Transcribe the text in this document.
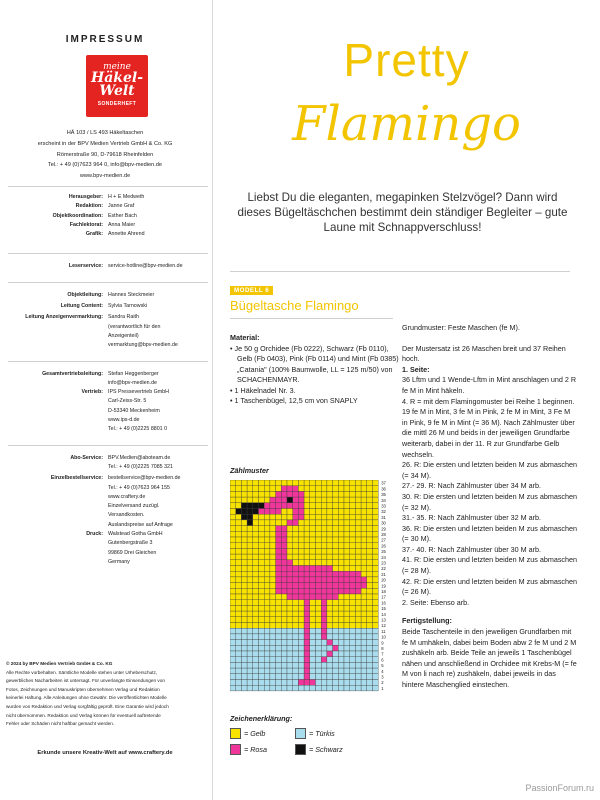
IMPRESSUM
meine
Häkel-
Welt
SONDERHEFT
HÄ 103 / LS 493 Häkeltaschen
erscheint in der BPV Medien Vertrieb GmbH & Co. KG
Römerstraße 90, D-79618 Rheinfelden
Tel.: + 49 (0)7623 964 0, info@bpv-medien.de
www.bpv-medien.de
Herausgeber: H + E Medweth
Redaktion: Janne Graf
Objektkoordination: Esther Bach
Fachlektorat: Anna Maier
Grafik: Annette Ahrend
Leserservice: service-hotline@bpv-medien.de
Objektleitung: Hannes Steckmeier
Leitung Content: Sylvia Tarnowski
Leitung Anzeigenvermarktung: Sandra Raith
(verantwortlich für den
Anzeigenteil)
vermarktung@bpv-medien.de
Gesamtvertriebsleitung: Stefan Heggenberger
info@bpv-medien.de
Vertrieb: IPS Pressevertrieb GmbH
Carl-Zeiss-Str. 5
D-53340 Meckenheim
www.ips-d.de
Tel.: + 49 (0)2225 8801 0
Abo-Service: BPV.Medien@aboteam.de
Tel.: + 49 (0)2225 7085 321
Einzelbestellservice: bestellservice@bpv-medien.de
Tel.: + 49 (0)7623 964 155
www.craftery.de
Einzelversand zuzügl.
Versandkosten.
Auslandspreise auf Anfrage
Druck: Walstead Gotha GmbH
Gutenbergstraße 3
99869 Drei Gleichen
Germany
© 2024 by BPV Medien Vertrieb GmbH & Co. KG
Alle Rechte vorbehalten. Sämtliche Modelle stehen unter Urheberschutz,
gewerbliches Nacharbeiten ist untersagt. Für unverlangte Einsendungen von
Fotos, Zeichnungen und Manuskripten übernehmen Verlag und Redaktion
keinerlei Haftung. Alle Anleitungen ohne Gewähr. Die veröffentlichten Modelle
wurden von Redaktion und Verlag sorgfältig geprüft. Eine Garantie wird jedoch
nicht übernommen. Redaktion und Verlag können für eventuell auftretende
Fehler oder Schäden nicht haftbar gemacht werden.
Erkunde unsere Kreativ-Welt auf www.craftery.de
Pretty
Flamingo
Liebst Du die eleganten, megapinken Stelzvögel? Dann wird dieses Bügeltäschchen bestimmt dein ständiger Begleiter – gute Laune mit Schnappverschluss!
MODELL 6
Bügeltasche Flamingo
Material:
• Je 50 g Orchidee (Fb 0222), Schwarz (Fb 0110), Gelb (Fb 0403), Pink (Fb 0114) und Mint (Fb 0385) „Catania" (100% Baumwolle, LL = 125 m/50) von SCHACHENMAYR.
• 1 Häkelnadel Nr. 3.
• 1 Taschenbügel, 12,5 cm von SNAPLY

Grundmuster: Feste Maschen (fe M).

Der Mustersatz ist 26 Maschen breit und 37 Reihen hoch.

1. Seite:

36 Lftm und 1 Wende-Lftm in Mint anschlagen und 2 R fe M in Mint häkeln.

4. R = mit dem Flamingomuster bei Reihe 1 beginnen. 19 fe M in Mint, 3 fe M in Pink, 2 fe M in Mint, 3 Fe M in Pink, 9 fe M in Mint (= 36 M). Nach Zählmuster über die mittl 26 M und beids in der jeweiligen Grundfarbe weiterarb, dabei in der 11. R zur Grundfarbe Gelb wechseln.

26. R: Die ersten und letzten beiden M zus abmaschen (= 34 M).

27.- 29. R: Nach Zählmuster über 34 M arb.

30. R: Die ersten und letzten beiden M zus abmaschen (= 32 M).

31.- 35. R: Nach Zählmuster über 32 M arb.

36. R: Die ersten und letzten beiden M zus abmaschen (= 30 M).

37.- 40. R: Nach Zählmuster über 30 M arb.

41. R: Die ersten und letzten beiden M zus abmaschen (= 28 M).

42. R: Die ersten und letzten beiden M zus abmaschen (= 26 M).

2. Seite: Ebenso arb.

Fertigstellung:

Beide Taschenteile in den jeweiligen Grundfarben mit fe M umhäkeln, dabei beim Boden abw 2 fe M und 2 M zushäkeln arb. Beide Teile an jeweils 1 Taschenbügel nähen und anschließend in Orchidee mit Krebs-M (= fe M von li nach re) zushäkeln, dabei jeweils in das hintere Maschenglied einstechen.

Zählmuster
37
36
35
34
33
32
31
30
29
28
27
26
25
24
23
22
21
20
19
18
17
16
15
14
13
12
11
10
9
8
7
6
5
4
3
2
1
Zeichenerklärung:
= Gelb	= Türkis
= Rosa	= Schwarz
PassionForum.ru
